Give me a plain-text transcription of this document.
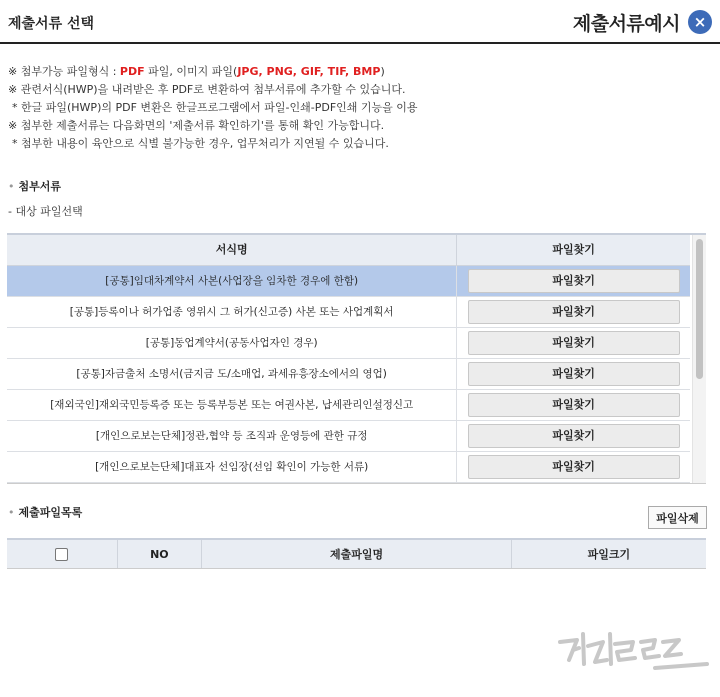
제출서류 선택	제출서류예시 ×
※ 첨부가능 파일형식 : PDF 파일, 이미지 파일(JPG, PNG, GIF, TIF, BMP)
※ 관련서식(HWP)을 내려받은 후 PDF로 변환하여 첨부서류에 추가할 수 있습니다.
* 한글 파일(HWP)의 PDF 변환은 한글프로그램에서 파일-인쇄-PDF인쇄 기능을 이용
※ 첨부한 제출서류는 다음화면의 '제출서류 확인하기'를 통해 확인 가능합니다.
* 첨부한 내용이 육안으로 식별 불가능한 경우, 업무처리가 지연될 수 있습니다.
• 첨부서류
- 대상 파일선택
서식명	파일찾기
[공통]임대차계약서 사본(사업장을 임차한 경우에 한함)	파일찾기
[공통]등록이나 허가업종 영위시 그 허가(신고증) 사본 또는 사업계획서	파일찾기
[공통]동업계약서(공동사업자인 경우)	파일찾기
[공통]자금출처 소명서(금지금 도/소매업, 과세유흥장소에서의 영업)	파일찾기
[재외국인]재외국민등록증 또는 등록부등본 또는 여권사본, 납세관리인설정신고	파일찾기
[개인으로보는단체]정관,협약 등 조직과 운영등에 관한 규정	파일찾기
[개인으로보는단체]대표자 선임장(선임 확인이 가능한 서류)	파일찾기
• 제출파일목록	파일삭제
NO	제출파일명	파일크기
